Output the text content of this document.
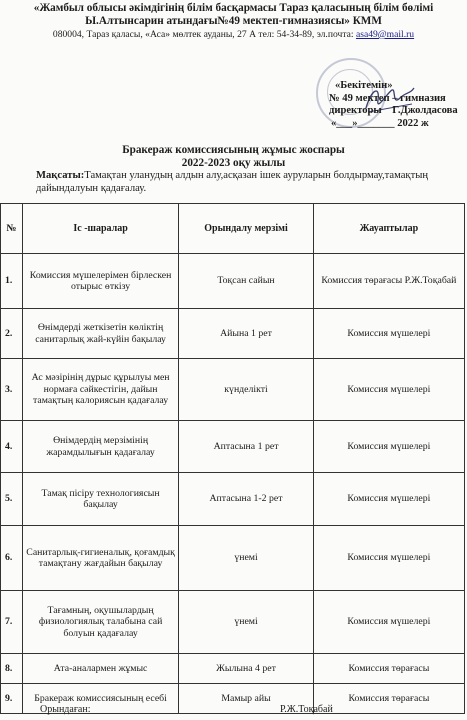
«Жамбыл облысы әкімдігінің білім басқармасы Тараз қаласының білім бөлімі
Ы.Алтынсарин атындағы№49 мектеп-гимназиясы» КММ
080004, Тараз қаласы, «Аса» мөлтек ауданы, 27 А тел: 54-34-89, эл.почта: asa49@mail.ru
«Бекітемін»
№ 49 мектеп – гимназия
директоры Г.Джолдасова
«___»_______ 2022 ж
Бракераж комиссиясының жұмыс жоспары
2022-2023 оқу жылы
Мақсаты:Тамақтан уланудың алдын алу,асқазан ішек ауруларын болдырмау,тамақтың дайындалуын қадағалау.
№	Іс -шаралар	Орындалу мерзімі	Жауаптылар
1.	Комиссия мүшелерімен бірлескен отырыс өткізу	Тоқсан сайын	Комиссия төрағасы Р.Ж.Тоқабай
2.	Өнімдерді жеткізетін көліктің санитарлық жай-күйін бақылау	Айына 1 рет	Комиссия мүшелері
3.	Ас мәзірінің дұрыс құрылуы мен нормаға сәйкестігін, дайын тамақтың калориясын қадағалау	күнделікті	Комиссия мүшелері
4.	Өнімдердің мерзімінің жарамдылығын қадағалау	Аптасына 1 рет	Комиссия мүшелері
5.	Тамақ пісіру технологиясын бақылау	Аптасына 1-2 рет	Комиссия мүшелері
6.	Санитарлық-гигиеналық, қоғамдық тамақтану жағдайын бақылау	үнемі	Комиссия мүшелері
7.	Тағамның, оқушылардың физиологиялық талабына сай болуын қадағалау	үнемі	Комиссия мүшелері
8.	Ата-аналармен жұмыс	Жылына 4 рет	Комиссия төрағасы
9.	Бракераж комиссиясының есебі	Мамыр айы	Комиссия төрағасы
Орындаған:	Р.Ж.Тоқабай
